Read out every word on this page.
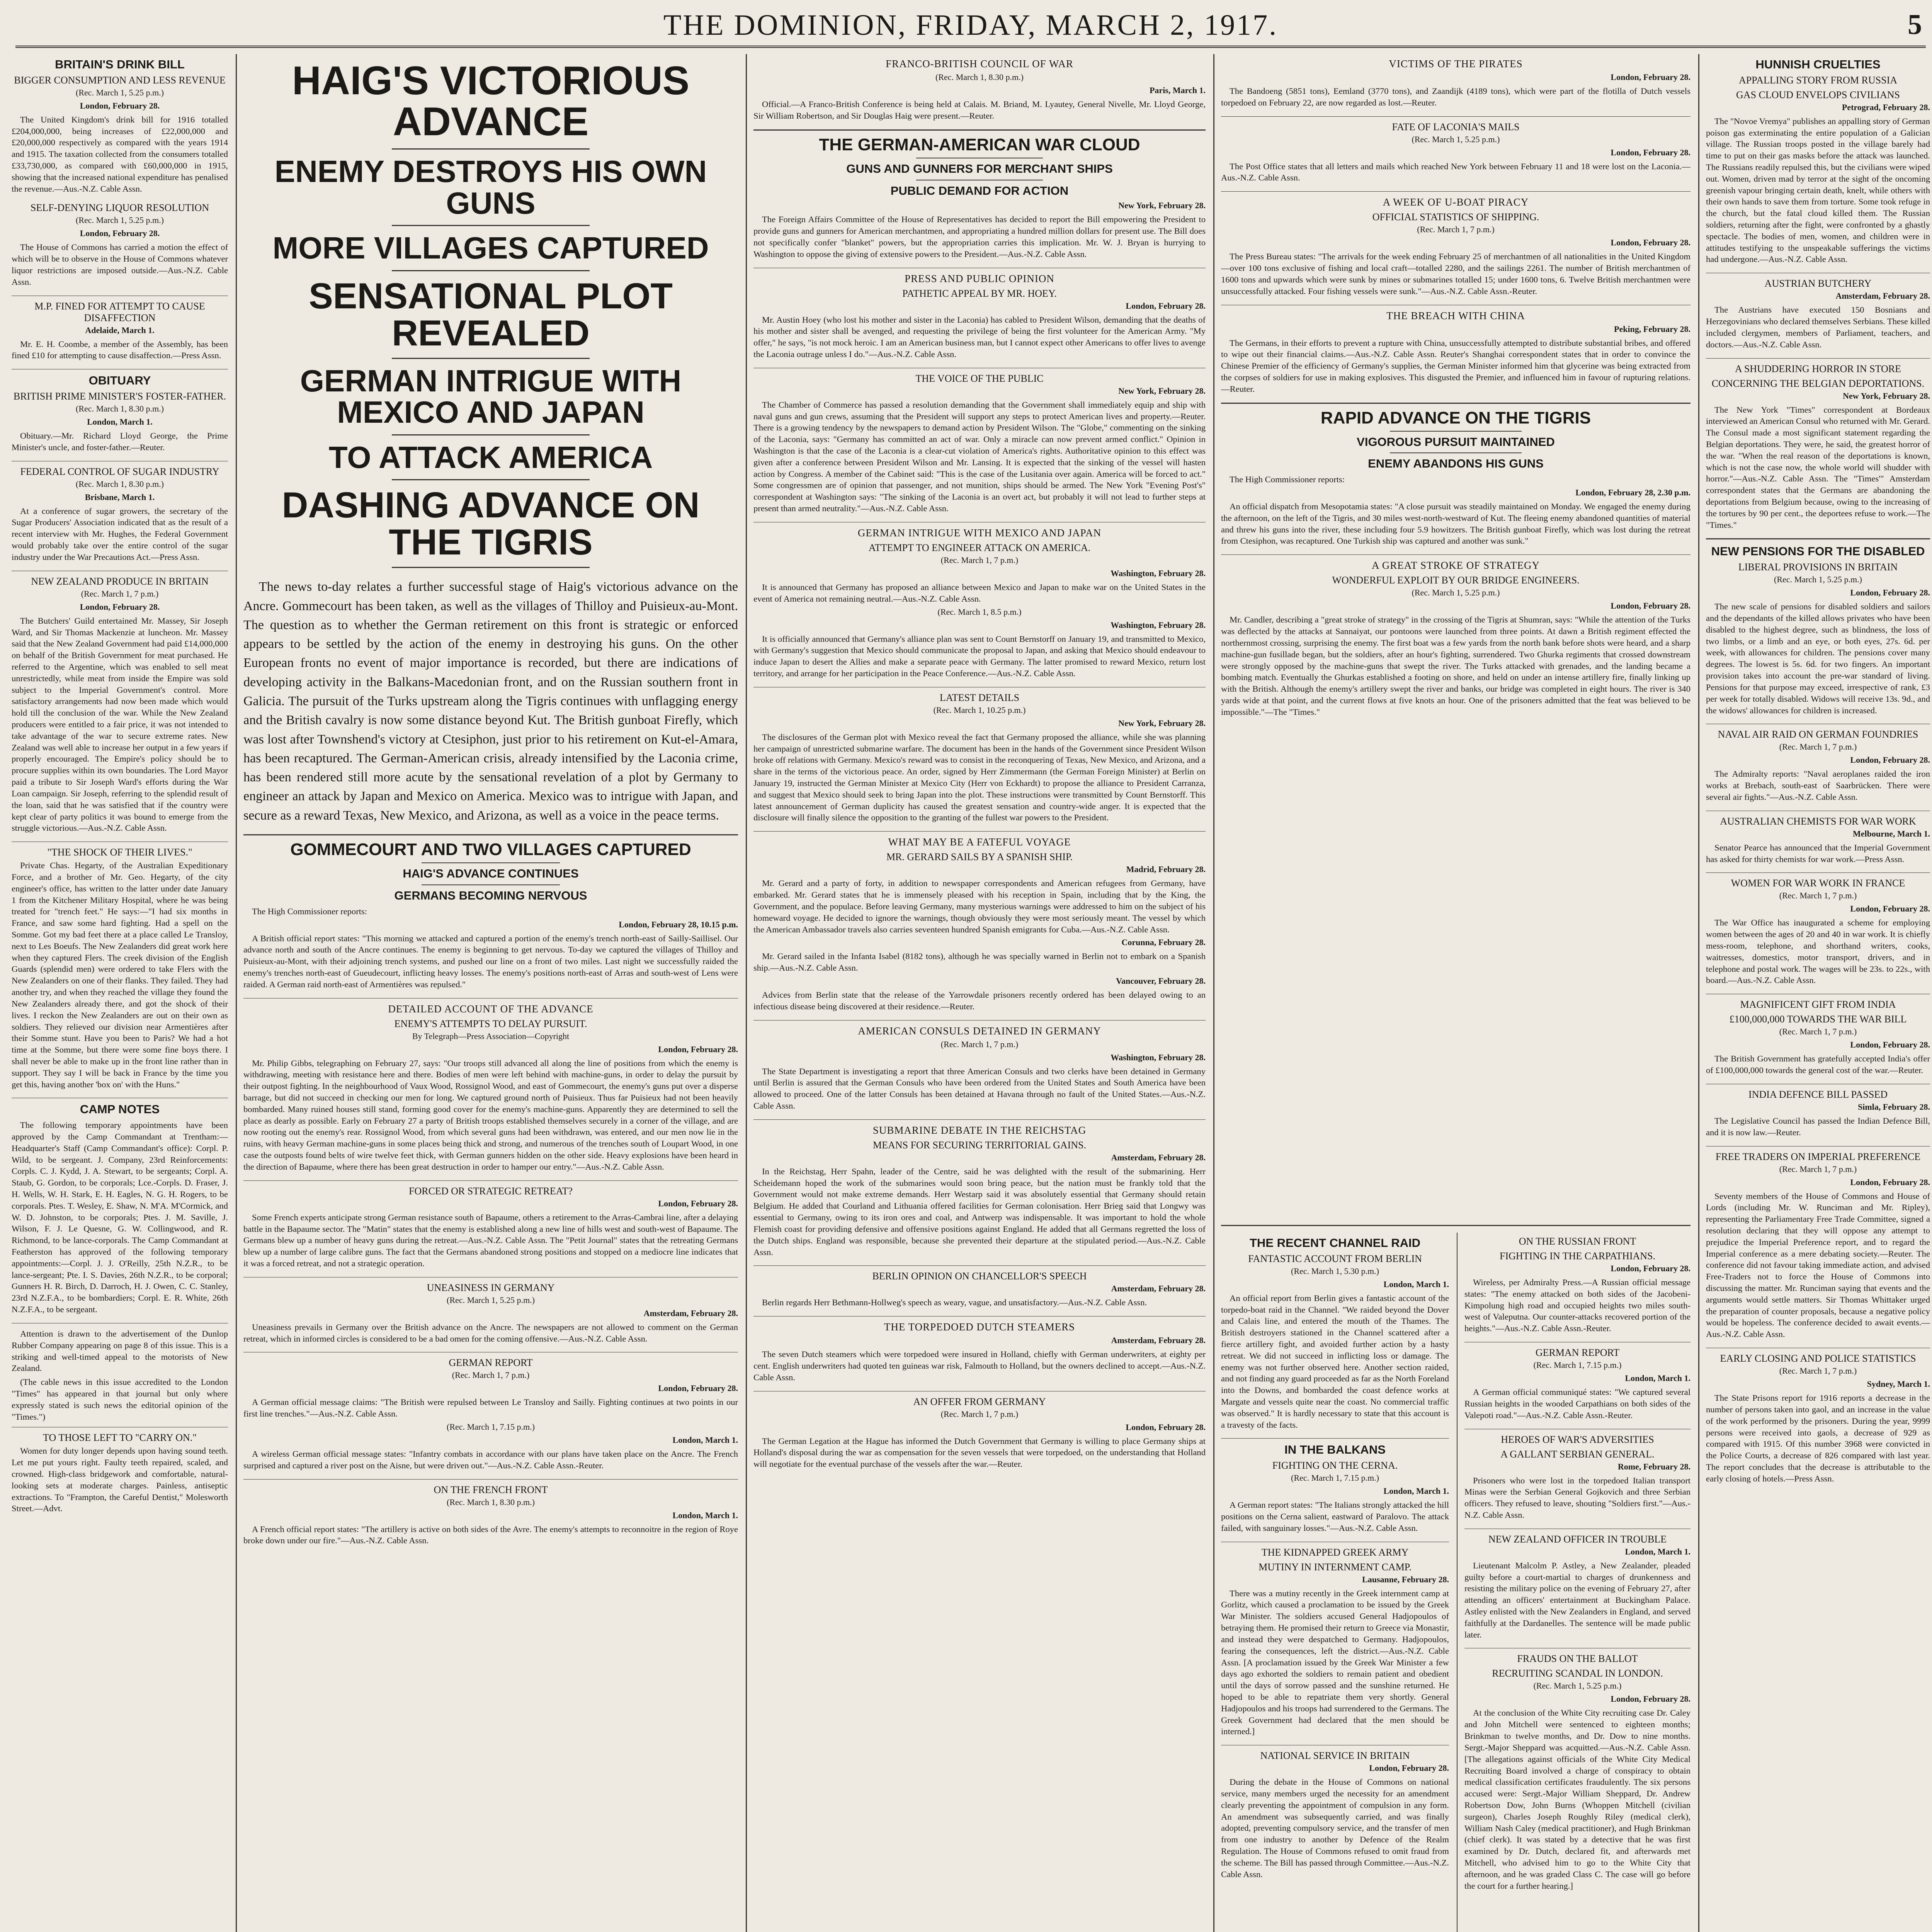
THE DOMINION, FRIDAY, MARCH 2, 1917.	5
BRITAIN'S DRINK BILL
BIGGER CONSUMPTION AND LESS REVENUE
(Rec. March 1, 5.25 p.m.)
London, February 28.

The United Kingdom's drink bill for 1916 totalled £204,000,000, being increases of £22,000,000 and £20,000,000 respectively as compared with the years 1914 and 1915. The taxation collected from the consumers totalled £33,730,000, as compared with £60,000,000 in 1915, showing that the increased national expenditure has penalised the revenue.—Aus.-N.Z. Cable Assn.

SELF-DENYING LIQUOR RESOLUTION
(Rec. March 1, 5.25 p.m.)
London, February 28.

The House of Commons has carried a motion the effect of which will be to observe in the House of Commons whatever liquor restrictions are imposed outside.—Aus.-N.Z. Cable Assn.

M.P. FINED FOR ATTEMPT TO CAUSE DISAFFECTION
Adelaide, March 1.

Mr. E. H. Coombe, a member of the Assembly, has been fined £10 for attempting to cause disaffection.—Press Assn.

OBITUARY
BRITISH PRIME MINISTER'S FOSTER-FATHER.
(Rec. March 1, 8.30 p.m.)
London, March 1.

Obituary.—Mr. Richard Lloyd George, the Prime Minister's uncle, and foster-father.—Reuter.

FEDERAL CONTROL OF SUGAR INDUSTRY
(Rec. March 1, 8.30 p.m.)
Brisbane, March 1.

At a conference of sugar growers, the secretary of the Sugar Producers' Association indicated that as the result of a recent interview with Mr. Hughes, the Federal Government would probably take over the entire control of the sugar industry under the War Precautions Act.—Press Assn.

NEW ZEALAND PRODUCE IN BRITAIN
(Rec. March 1, 7 p.m.)
London, February 28.

The Butchers' Guild entertained Mr. Massey, Sir Joseph Ward, and Sir Thomas Mackenzie at luncheon. Mr. Massey said that the New Zealand Government had paid £14,000,000 on behalf of the British Government for meat purchased. He referred to the Argentine, which was enabled to sell meat unrestrictedly, while meat from inside the Empire was sold subject to the Imperial Government's control. More satisfactory arrangements had now been made which would hold till the conclusion of the war. While the New Zealand producers were entitled to a fair price, it was not intended to take advantage of the war to secure extreme rates. New Zealand was well able to increase her output in a few years if properly encouraged. The Empire's policy should be to procure supplies within its own boundaries. The Lord Mayor paid a tribute to Sir Joseph Ward's efforts during the War Loan campaign. Sir Joseph, referring to the splendid result of the loan, said that he was satisfied that if the country were kept clear of party politics it was bound to emerge from the struggle victorious.—Aus.-N.Z. Cable Assn.

"THE SHOCK OF THEIR LIVES."

Private Chas. Hegarty, of the Australian Expeditionary Force, and a brother of Mr. Geo. Hegarty, of the city engineer's office, has written to the latter under date January 1 from the Kitchener Military Hospital, where he was being treated for "trench feet." He says:—"I had six months in France, and saw some hard fighting. Had a spell on the Somme. Got my bad feet there at a place called Le Transloy, next to Les Boeufs. The New Zealanders did great work here when they captured Flers. The creek division of the English Guards (splendid men) were ordered to take Flers with the New Zealanders on one of their flanks. They failed. They had another try, and when they reached the village they found the New Zealanders already there, and got the shock of their lives. I reckon the New Zealanders are out on their own as soldiers. They relieved our division near Armentières after their Somme stunt. Have you been to Paris? We had a hot time at the Somme, but there were some fine boys there. I shall never be able to make up in the front line rather than in support. They say I will be back in France by the time you get this, having another 'box on' with the Huns."

CAMP NOTES

The following temporary appointments have been approved by the Camp Commandant at Trentham:—Headquarter's Staff (Camp Commandant's office): Corpl. P. Wild, to be sergeant. J. Company, 23rd Reinforcements: Corpls. C. J. Kydd, J. A. Stewart, to be sergeants; Corpl. A. Staub, G. Gordon, to be corporals; Lce.-Corpls. D. Fraser, J. H. Wells, W. H. Stark, E. H. Eagles, N. G. H. Rogers, to be corporals. Ptes. T. Wesley, E. Shaw, N. M'A. M'Cormick, and W. D. Johnston, to be corporals; Ptes. J. M. Saville, J. Wilson, F. J. Le Quesne, G. W. Collingwood, and R. Richmond, to be lance-corporals. The Camp Commandant at Featherston has approved of the following temporary appointments:—Corpl. J. J. O'Reilly, 25th N.Z.R., to be lance-sergeant; Pte. I. S. Davies, 26th N.Z.R., to be corporal; Gunners H. R. Birch, D. Darroch, H. J. Owen, C. C. Stanley, 23rd N.Z.F.A., to be bombardiers; Corpl. E. R. White, 26th N.Z.F.A., to be sergeant.

Attention is drawn to the advertisement of the Dunlop Rubber Company appearing on page 8 of this issue. This is a striking and well-timed appeal to the motorists of New Zealand.

(The cable news in this issue accredited to the London "Times" has appeared in that journal but only where expressly stated is such news the editorial opinion of the "Times.")

TO THOSE LEFT TO "CARRY ON."

Women for duty longer depends upon having sound teeth. Let me put yours right. Faulty teeth repaired, scaled, and crowned. High-class bridgework and comfortable, natural-looking sets at moderate charges. Painless, antiseptic extractions. To "Frampton, the Careful Dentist," Molesworth Street.—Advt.

HAIG'S VICTORIOUS ADVANCE
ENEMY DESTROYS HIS OWN GUNS
MORE VILLAGES CAPTURED
SENSATIONAL PLOT REVEALED
GERMAN INTRIGUE WITH MEXICO AND JAPAN
TO ATTACK AMERICA
DASHING ADVANCE ON THE TIGRIS

The news to-day relates a further successful stage of Haig's victorious advance on the Ancre. Gommecourt has been taken, as well as the villages of Thilloy and Puisieux-au-Mont. The question as to whether the German retirement on this front is strategic or enforced appears to be settled by the action of the enemy in destroying his guns. On the other European fronts no event of major importance is recorded, but there are indications of developing activity in the Balkans-Macedonian front, and on the Russian southern front in Galicia. The pursuit of the Turks upstream along the Tigris continues with unflagging energy and the British cavalry is now some distance beyond Kut. The British gunboat Firefly, which was lost after Townshend's victory at Ctesiphon, just prior to his retirement on Kut-el-Amara, has been recaptured. The German-American crisis, already intensified by the Laconia crime, has been rendered still more acute by the sensational revelation of a plot by Germany to engineer an attack by Japan and Mexico on America. Mexico was to intrigue with Japan, and secure as a reward Texas, New Mexico, and Arizona, as well as a voice in the peace terms.

GOMMECOURT AND TWO VILLAGES CAPTURED
HAIG'S ADVANCE CONTINUES
GERMANS BECOMING NERVOUS

The High Commissioner reports:

London, February 28, 10.15 p.m.

A British official report states: "This morning we attacked and captured a portion of the enemy's trench north-east of Sailly-Saillisel. Our advance north and south of the Ancre continues. The enemy is beginning to get nervous. To-day we captured the villages of Thilloy and Puisieux-au-Mont, with their adjoining trench systems, and pushed our line on a front of two miles. Last night we successfully raided the enemy's trenches north-east of Gueudecourt, inflicting heavy losses. The enemy's positions north-east of Arras and south-west of Lens were raided. A German raid north-east of Armentières was repulsed."

DETAILED ACCOUNT OF THE ADVANCE
ENEMY'S ATTEMPTS TO DELAY PURSUIT.
By Telegraph—Press Association—Copyright
London, February 28.

Mr. Philip Gibbs, telegraphing on February 27, says: "Our troops still advanced all along the line of positions from which the enemy is withdrawing, meeting with resistance here and there. Bodies of men were left behind with machine-guns, in order to delay the pursuit by their outpost fighting. In the neighbourhood of Vaux Wood, Rossignol Wood, and east of Gommecourt, the enemy's guns put over a disperse barrage, but did not succeed in checking our men for long. We captured ground north of Puisieux. Thus far Puisieux had not been heavily bombarded. Many ruined houses still stand, forming good cover for the enemy's machine-guns. Apparently they are determined to sell the place as dearly as possible. Early on February 27 a party of British troops established themselves securely in a corner of the village, and are now rooting out the enemy's rear. Rossignol Wood, from which several guns had been withdrawn, was entered, and our men now lie in the ruins, with heavy German machine-guns in some places being thick and strong, and numerous of the trenches south of Loupart Wood, in one case the outposts found belts of wire twelve feet thick, with German gunners hidden on the other side. Heavy explosions have been heard in the direction of Bapaume, where there has been great destruction in order to hamper our entry."—Aus.-N.Z. Cable Assn.

FORCED OR STRATEGIC RETREAT?
London, February 28.

Some French experts anticipate strong German resistance south of Bapaume, others a retirement to the Arras-Cambrai line, after a delaying battle in the Bapaume sector. The "Matin" states that the enemy is established along a new line of hills west and south-west of Bapaume. The Germans blew up a number of heavy guns during the retreat.—Aus.-N.Z. Cable Assn. The "Petit Journal" states that the retreating Germans blew up a number of large calibre guns. The fact that the Germans abandoned strong positions and stopped on a mediocre line indicates that it was a forced retreat, and not a strategic operation.

UNEASINESS IN GERMANY
(Rec. March 1, 5.25 p.m.)
Amsterdam, February 28.

Uneasiness prevails in Germany over the British advance on the Ancre. The newspapers are not allowed to comment on the German retreat, which in informed circles is considered to be a bad omen for the coming offensive.—Aus.-N.Z. Cable Assn.

GERMAN REPORT
(Rec. March 1, 7 p.m.)
London, February 28.

A German official message claims: "The British were repulsed between Le Transloy and Sailly. Fighting continues at two points in our first line trenches."—Aus.-N.Z. Cable Assn.

(Rec. March 1, 7.15 p.m.)
London, March 1.

A wireless German official message states: "Infantry combats in accordance with our plans have taken place on the Ancre. The French surprised and captured a river post on the Aisne, but were driven out."—Aus.-N.Z. Cable Assn.-Reuter.

ON THE FRENCH FRONT
(Rec. March 1, 8.30 p.m.)
London, March 1.

A French official report states: "The artillery is active on both sides of the Avre. The enemy's attempts to reconnoitre in the region of Roye broke down under our fire."—Aus.-N.Z. Cable Assn.

FRANCO-BRITISH COUNCIL OF WAR
(Rec. March 1, 8.30 p.m.)
Paris, March 1.

Official.—A Franco-British Conference is being held at Calais. M. Briand, M. Lyautey, General Nivelle, Mr. Lloyd George, Sir William Robertson, and Sir Douglas Haig were present.—Reuter.

THE GERMAN-AMERICAN WAR CLOUD
GUNS AND GUNNERS FOR MERCHANT SHIPS
PUBLIC DEMAND FOR ACTION
New York, February 28.

The Foreign Affairs Committee of the House of Representatives has decided to report the Bill empowering the President to provide guns and gunners for American merchantmen, and appropriating a hundred million dollars for present use. The Bill does not specifically confer "blanket" powers, but the appropriation carries this implication. Mr. W. J. Bryan is hurrying to Washington to oppose the giving of extensive powers to the President.—Aus.-N.Z. Cable Assn.

PRESS AND PUBLIC OPINION
PATHETIC APPEAL BY MR. HOEY.
London, February 28.

Mr. Austin Hoey (who lost his mother and sister in the Laconia) has cabled to President Wilson, demanding that the deaths of his mother and sister shall be avenged, and requesting the privilege of being the first volunteer for the American Army. "My offer," he says, "is not mock heroic. I am an American business man, but I cannot expect other Americans to offer lives to avenge the Laconia outrage unless I do."—Aus.-N.Z. Cable Assn.

THE VOICE OF THE PUBLIC
New York, February 28.

The Chamber of Commerce has passed a resolution demanding that the Government shall immediately equip and ship with naval guns and gun crews, assuming that the President will support any steps to protect American lives and property.—Reuter. There is a growing tendency by the newspapers to demand action by President Wilson. The "Globe," commenting on the sinking of the Laconia, says: "Germany has committed an act of war. Only a miracle can now prevent armed conflict." Opinion in Washington is that the case of the Laconia is a clear-cut violation of America's rights. Authoritative opinion to this effect was given after a conference between President Wilson and Mr. Lansing. It is expected that the sinking of the vessel will hasten action by Congress. A member of the Cabinet said: "This is the case of the Lusitania over again. America will be forced to act." Some congressmen are of opinion that passenger, and not munition, ships should be armed. The New York "Evening Post's" correspondent at Washington says: "The sinking of the Laconia is an overt act, but probably it will not lead to further steps at present than armed neutrality."—Aus.-N.Z. Cable Assn.

GERMAN INTRIGUE WITH MEXICO AND JAPAN
ATTEMPT TO ENGINEER ATTACK ON AMERICA.
(Rec. March 1, 7 p.m.)
Washington, February 28.

It is announced that Germany has proposed an alliance between Mexico and Japan to make war on the United States in the event of America not remaining neutral.—Aus.-N.Z. Cable Assn.

(Rec. March 1, 8.5 p.m.)
Washington, February 28.

It is officially announced that Germany's alliance plan was sent to Count Bernstorff on January 19, and transmitted to Mexico, with Germany's suggestion that Mexico should communicate the proposal to Japan, and asking that Mexico should endeavour to induce Japan to desert the Allies and make a separate peace with Germany. The latter promised to reward Mexico, return lost territory, and arrange for her participation in the Peace Conference.—Aus.-N.Z. Cable Assn.

LATEST DETAILS
(Rec. March 1, 10.25 p.m.)
New York, February 28.

The disclosures of the German plot with Mexico reveal the fact that Germany proposed the alliance, while she was planning her campaign of unrestricted submarine warfare. The document has been in the hands of the Government since President Wilson broke off relations with Germany. Mexico's reward was to consist in the reconquering of Texas, New Mexico, and Arizona, and a share in the terms of the victorious peace. An order, signed by Herr Zimmermann (the German Foreign Minister) at Berlin on January 19, instructed the German Minister at Mexico City (Herr von Eckhardt) to propose the alliance to President Carranza, and suggest that Mexico should seek to bring Japan into the plot. These instructions were transmitted by Count Bernstorff. This latest announcement of German duplicity has caused the greatest sensation and country-wide anger. It is expected that the disclosure will finally silence the opposition to the granting of the fullest war powers to the President.

WHAT MAY BE A FATEFUL VOYAGE
MR. GERARD SAILS BY A SPANISH SHIP.
Madrid, February 28.

Mr. Gerard and a party of forty, in addition to newspaper correspondents and American refugees from Germany, have embarked. Mr. Gerard states that he is immensely pleased with his reception in Spain, including that by the King, the Government, and the populace. Before leaving Germany, many mysterious warnings were addressed to him on the subject of his homeward voyage. He decided to ignore the warnings, though obviously they were most seriously meant. The vessel by which the American Ambassador travels also carries seventeen hundred Spanish emigrants for Cuba.—Aus.-N.Z. Cable Assn.

Corunna, February 28.

Mr. Gerard sailed in the Infanta Isabel (8182 tons), although he was specially warned in Berlin not to embark on a Spanish ship.—Aus.-N.Z. Cable Assn.

Vancouver, February 28.

Advices from Berlin state that the release of the Yarrowdale prisoners recently ordered has been delayed owing to an infectious disease being discovered at their residence.—Reuter.

AMERICAN CONSULS DETAINED IN GERMANY
(Rec. March 1, 7 p.m.)
Washington, February 28.

The State Department is investigating a report that three American Consuls and two clerks have been detained in Germany until Berlin is assured that the German Consuls who have been ordered from the United States and South America have been allowed to proceed. One of the latter Consuls has been detained at Havana through no fault of the United States.—Aus.-N.Z. Cable Assn.

SUBMARINE DEBATE IN THE REICHSTAG
MEANS FOR SECURING TERRITORIAL GAINS.
Amsterdam, February 28.

In the Reichstag, Herr Spahn, leader of the Centre, said he was delighted with the result of the submarining. Herr Scheidemann hoped the work of the submarines would soon bring peace, but the nation must be frankly told that the Government would not make extreme demands. Herr Westarp said it was absolutely essential that Germany should retain Belgium. He added that Courland and Lithuania offered facilities for German colonisation. Herr Brieg said that Longwy was essential to Germany, owing to its iron ores and coal, and Antwerp was indispensable. It was important to hold the whole Flemish coast for providing defensive and offensive positions against England. He added that all Germans regretted the loss of the Dutch ships. England was responsible, because she prevented their departure at the stipulated period.—Aus.-N.Z. Cable Assn.

BERLIN OPINION ON CHANCELLOR'S SPEECH
Amsterdam, February 28.

Berlin regards Herr Bethmann-Hollweg's speech as weary, vague, and unsatisfactory.—Aus.-N.Z. Cable Assn.

THE TORPEDOED DUTCH STEAMERS
Amsterdam, February 28.

The seven Dutch steamers which were torpedoed were insured in Holland, chiefly with German underwriters, at eighty per cent. English underwriters had quoted ten guineas war risk, Falmouth to Holland, but the owners declined to accept.—Aus.-N.Z. Cable Assn.

AN OFFER FROM GERMANY
(Rec. March 1, 7 p.m.)
London, February 28.

The German Legation at the Hague has informed the Dutch Government that Germany is willing to place Germany ships at Holland's disposal during the war as compensation for the seven vessels that were torpedoed, on the understanding that Holland will negotiate for the eventual purchase of the vessels after the war.—Reuter.

VICTIMS OF THE PIRATES
London, February 28.

The Bandoeng (5851 tons), Eemland (3770 tons), and Zaandijk (4189 tons), which were part of the flotilla of Dutch vessels torpedoed on February 22, are now regarded as lost.—Reuter.

FATE OF LACONIA'S MAILS
(Rec. March 1, 5.25 p.m.)
London, February 28.

The Post Office states that all letters and mails which reached New York between February 11 and 18 were lost on the Laconia.—Aus.-N.Z. Cable Assn.

A WEEK OF U-BOAT PIRACY
OFFICIAL STATISTICS OF SHIPPING.
(Rec. March 1, 7 p.m.)
London, February 28.

The Press Bureau states: "The arrivals for the week ending February 25 of merchantmen of all nationalities in the United Kingdom—over 100 tons exclusive of fishing and local craft—totalled 2280, and the sailings 2261. The number of British merchantmen of 1600 tons and upwards which were sunk by mines or submarines totalled 15; under 1600 tons, 6. Twelve British merchantmen were unsuccessfully attacked. Four fishing vessels were sunk."—Aus.-N.Z. Cable Assn.-Reuter.

THE BREACH WITH CHINA
Peking, February 28.

The Germans, in their efforts to prevent a rupture with China, unsuccessfully attempted to distribute substantial bribes, and offered to wipe out their financial claims.—Aus.-N.Z. Cable Assn. Reuter's Shanghai correspondent states that in order to convince the Chinese Premier of the efficiency of Germany's supplies, the German Minister informed him that glycerine was being extracted from the corpses of soldiers for use in making explosives. This disgusted the Premier, and influenced him in favour of rupturing relations.—Reuter.

RAPID ADVANCE ON THE TIGRIS
VIGOROUS PURSUIT MAINTAINED
ENEMY ABANDONS HIS GUNS

The High Commissioner reports:

London, February 28, 2.30 p.m.

An official dispatch from Mesopotamia states: "A close pursuit was steadily maintained on Monday. We engaged the enemy during the afternoon, on the left of the Tigris, and 30 miles west-north-westward of Kut. The fleeing enemy abandoned quantities of material and threw his guns into the river, these including four 5.9 howitzers. The British gunboat Firefly, which was lost during the retreat from Ctesiphon, was recaptured. One Turkish ship was captured and another was sunk."

A GREAT STROKE OF STRATEGY
WONDERFUL EXPLOIT BY OUR BRIDGE ENGINEERS.
(Rec. March 1, 5.25 p.m.)
London, February 28.

Mr. Candler, describing a "great stroke of strategy" in the crossing of the Tigris at Shumran, says: "While the attention of the Turks was deflected by the attacks at Sannaiyat, our pontoons were launched from three points. At dawn a British regiment effected the northernmost crossing, surprising the enemy. The first boat was a few yards from the north bank before shots were heard, and a sharp machine-gun fusillade began, but the soldiers, after an hour's fighting, surrendered. Two Ghurka regiments that crossed downstream were strongly opposed by the machine-guns that swept the river. The Turks attacked with grenades, and the landing became a bombing match. Eventually the Ghurkas established a footing on shore, and held on under an intense artillery fire, finally linking up with the British. Although the enemy's artillery swept the river and banks, our bridge was completed in eight hours. The river is 340 yards wide at that point, and the current flows at five knots an hour. One of the prisoners admitted that the feat was believed to be impossible."—The "Times."

THE RECENT CHANNEL RAID
FANTASTIC ACCOUNT FROM BERLIN
(Rec. March 1, 5.30 p.m.)
London, March 1.

An official report from Berlin gives a fantastic account of the torpedo-boat raid in the Channel. "We raided beyond the Dover and Calais line, and entered the mouth of the Thames. The British destroyers stationed in the Channel scattered after a fierce artillery fight, and avoided further action by a hasty retreat. We did not succeed in inflicting loss or damage. The enemy was not further observed here. Another section raided, and not finding any guard proceeded as far as the North Foreland into the Downs, and bombarded the coast defence works at Margate and vessels quite near the coast. No commercial traffic was observed." It is hardly necessary to state that this account is a travesty of the facts.

IN THE BALKANS
FIGHTING ON THE CERNA.
(Rec. March 1, 7.15 p.m.)
London, March 1.

A German report states: "The Italians strongly attacked the hill positions on the Cerna salient, eastward of Paralovo. The attack failed, with sanguinary losses."—Aus.-N.Z. Cable Assn.

THE KIDNAPPED GREEK ARMY
MUTINY IN INTERNMENT CAMP.
Lausanne, February 28.

There was a mutiny recently in the Greek internment camp at Gorlitz, which caused a proclamation to be issued by the Greek War Minister. The soldiers accused General Hadjopoulos of betraying them. He promised their return to Greece via Monastir, and instead they were despatched to Germany. Hadjopoulos, fearing the consequences, left the district.—Aus.-N.Z. Cable Assn. [A proclamation issued by the Greek War Minister a few days ago exhorted the soldiers to remain patient and obedient until the days of sorrow passed and the sunshine returned. He hoped to be able to repatriate them very shortly. General Hadjopoulos and his troops had surrendered to the Germans. The Greek Government had declared that the men should be interned.]

NATIONAL SERVICE IN BRITAIN
London, February 28.

During the debate in the House of Commons on national service, many members urged the necessity for an amendment clearly preventing the appointment of compulsion in any form. An amendment was subsequently carried, and was finally adopted, preventing compulsory service, and the transfer of men from one industry to another by Defence of the Realm Regulation. The House of Commons refused to omit fraud from the scheme. The Bill has passed through Committee.—Aus.-N.Z. Cable Assn.

ON THE RUSSIAN FRONT
FIGHTING IN THE CARPATHIANS.
London, February 28.

Wireless, per Admiralty Press.—A Russian official message states: "The enemy attacked on both sides of the Jacobeni-Kimpolung high road and occupied heights two miles south-west of Valeputna. Our counter-attacks recovered portion of the heights."—Aus.-N.Z. Cable Assn.-Reuter.

GERMAN REPORT
(Rec. March 1, 7.15 p.m.)
London, March 1.

A German official communiqué states: "We captured several Russian heights in the wooded Carpathians on both sides of the Valepoti road."—Aus.-N.Z. Cable Assn.-Reuter.

HEROES OF WAR'S ADVERSITIES
A GALLANT SERBIAN GENERAL.
Rome, February 28.

Prisoners who were lost in the torpedoed Italian transport Minas were the Serbian General Gojkovich and three Serbian officers. They refused to leave, shouting "Soldiers first."—Aus.-N.Z. Cable Assn.

NEW ZEALAND OFFICER IN TROUBLE
London, March 1.

Lieutenant Malcolm P. Astley, a New Zealander, pleaded guilty before a court-martial to charges of drunkenness and resisting the military police on the evening of February 27, after attending an officers' entertainment at Buckingham Palace. Astley enlisted with the New Zealanders in England, and served faithfully at the Dardanelles. The sentence will be made public later.

FRAUDS ON THE BALLOT
RECRUITING SCANDAL IN LONDON.
(Rec. March 1, 5.25 p.m.)
London, February 28.

At the conclusion of the White City recruiting case Dr. Caley and John Mitchell were sentenced to eighteen months; Brinkman to twelve months, and Dr. Dow to nine months. Sergt.-Major Sheppard was acquitted.—Aus.-N.Z. Cable Assn. [The allegations against officials of the White City Medical Recruiting Board involved a charge of conspiracy to obtain medical classification certificates fraudulently. The six persons accused were: Sergt.-Major William Sheppard, Dr. Andrew Robertson Dow, John Burns (Whoppen Mitchell (civilian surgeon), Charles Joseph Roughly Riley (medical clerk), William Nash Caley (medical practitioner), and Hugh Brinkman (chief clerk). It was stated by a detective that he was first examined by Dr. Dutch, declared fit, and afterwards met Mitchell, who advised him to go to the White City that afternoon, and he was graded Class C. The case will go before the court for a further hearing.]

HUNNISH CRUELTIES
APPALLING STORY FROM RUSSIA
GAS CLOUD ENVELOPS CIVILIANS
Petrograd, February 28.

The "Novoe Vremya" publishes an appalling story of German poison gas exterminating the entire population of a Galician village. The Russian troops posted in the village barely had time to put on their gas masks before the attack was launched. The Russians readily repulsed this, but the civilians were wiped out. Women, driven mad by terror at the sight of the oncoming greenish vapour bringing certain death, knelt, while others with their own hands to save them from torture. Some took refuge in the church, but the fatal cloud killed them. The Russian soldiers, returning after the fight, were confronted by a ghastly spectacle. The bodies of men, women, and children were in attitudes testifying to the unspeakable sufferings the victims had undergone.—Aus.-N.Z. Cable Assn.

AUSTRIAN BUTCHERY
Amsterdam, February 28.

The Austrians have executed 150 Bosnians and Herzegovinians who declared themselves Serbians. These killed included clergymen, members of Parliament, teachers, and doctors.—Aus.-N.Z. Cable Assn.

A SHUDDERING HORROR IN STORE
CONCERNING THE BELGIAN DEPORTATIONS.
New York, February 28.

The New York "Times" correspondent at Bordeaux interviewed an American Consul who returned with Mr. Gerard. The Consul made a most significant statement regarding the Belgian deportations. They were, he said, the greatest horror of the war. "When the real reason of the deportations is known, which is not the case now, the whole world will shudder with horror."—Aus.-N.Z. Cable Assn. The "Times'" Amsterdam correspondent states that the Germans are abandoning the deportations from Belgium because, owing to the increasing of the tortures by 90 per cent., the deportees refuse to work.—The "Times."

NEW PENSIONS FOR THE DISABLED
LIBERAL PROVISIONS IN BRITAIN
(Rec. March 1, 5.25 p.m.)
London, February 28.

The new scale of pensions for disabled soldiers and sailors and the dependants of the killed allows privates who have been disabled to the highest degree, such as blindness, the loss of two limbs, or a limb and an eye, or both eyes, 27s. 6d. per week, with allowances for children. The pensions cover many degrees. The lowest is 5s. 6d. for two fingers. An important provision takes into account the pre-war standard of living. Pensions for that purpose may exceed, irrespective of rank, £3 per week for totally disabled. Widows will receive 13s. 9d., and the widows' allowances for children is increased.

NAVAL AIR RAID ON GERMAN FOUNDRIES
(Rec. March 1, 7 p.m.)
London, February 28.

The Admiralty reports: "Naval aeroplanes raided the iron works at Brebach, south-east of Saarbrücken. There were several air fights."—Aus.-N.Z. Cable Assn.

AUSTRALIAN CHEMISTS FOR WAR WORK
Melbourne, March 1.

Senator Pearce has announced that the Imperial Government has asked for thirty chemists for war work.—Press Assn.

WOMEN FOR WAR WORK IN FRANCE
(Rec. March 1, 7 p.m.)
London, February 28.

The War Office has inaugurated a scheme for employing women between the ages of 20 and 40 in war work. It is chiefly mess-room, telephone, and shorthand writers, cooks, waitresses, domestics, motor transport, drivers, and in telephone and postal work. The wages will be 23s. to 22s., with board.—Aus.-N.Z. Cable Assn.

MAGNIFICENT GIFT FROM INDIA
£100,000,000 TOWARDS THE WAR BILL
(Rec. March 1, 7 p.m.)
London, February 28.

The British Government has gratefully accepted India's offer of £100,000,000 towards the general cost of the war.—Reuter.

INDIA DEFENCE BILL PASSED
Simla, February 28.

The Legislative Council has passed the Indian Defence Bill, and it is now law.—Reuter.

FREE TRADERS ON IMPERIAL PREFERENCE
(Rec. March 1, 7 p.m.)
London, February 28.

Seventy members of the House of Commons and House of Lords (including Mr. W. Runciman and Mr. Ripley), representing the Parliamentary Free Trade Committee, signed a resolution declaring that they will oppose any attempt to prejudice the Imperial Preference report, and to regard the Imperial conference as a mere debating society.—Reuter. The conference did not favour taking immediate action, and advised Free-Traders not to force the House of Commons into discussing the matter. Mr. Runciman saying that events and the arguments would settle matters. Sir Thomas Whittaker urged the preparation of counter proposals, because a negative policy would be hopeless. The conference decided to await events.—Aus.-N.Z. Cable Assn.

EARLY CLOSING AND POLICE STATISTICS
(Rec. March 1, 7 p.m.)
Sydney, March 1.

The State Prisons report for 1916 reports a decrease in the number of persons taken into gaol, and an increase in the value of the work performed by the prisoners. During the year, 9999 persons were received into gaols, a decrease of 929 as compared with 1915. Of this number 3968 were convicted in the Police Courts, a decrease of 826 compared with last year. The report concludes that the decrease is attributable to the early closing of hotels.—Press Assn.
